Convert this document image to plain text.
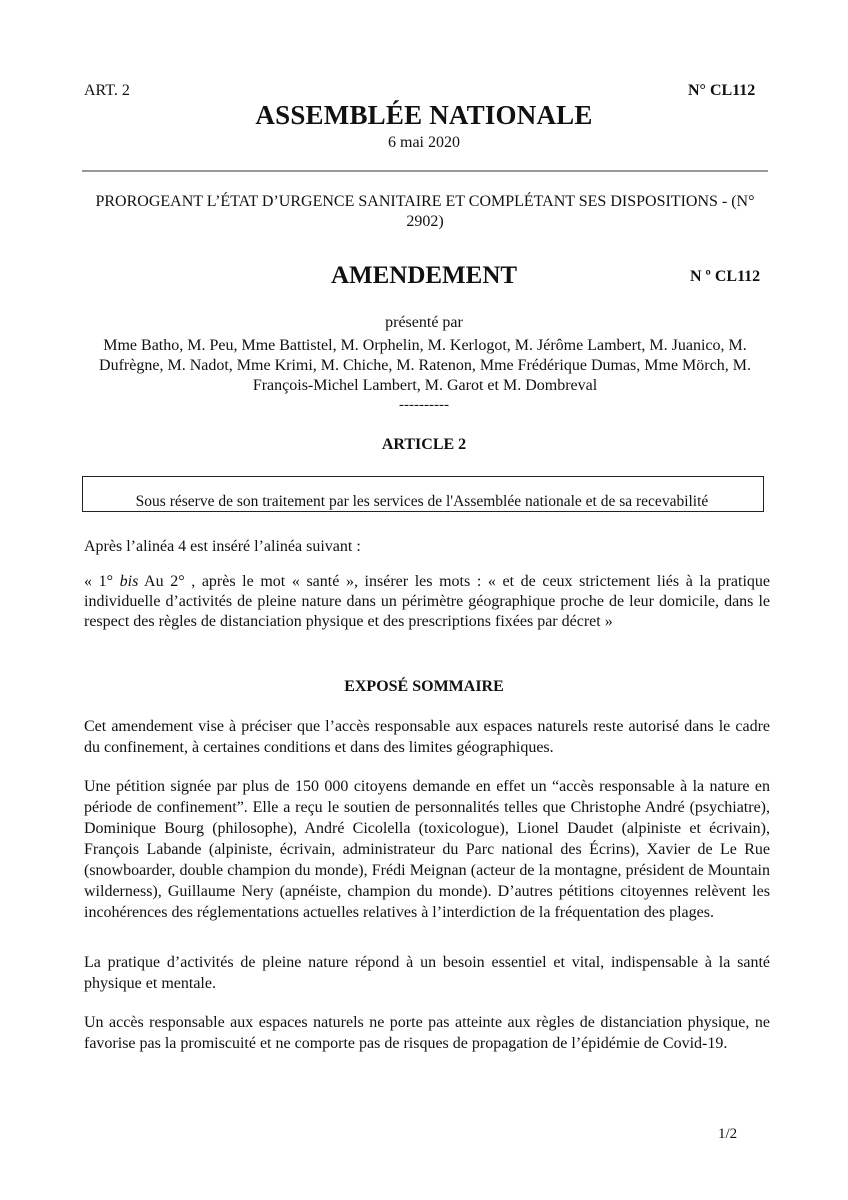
ART. 2	N° CL112
ASSEMBLÉE NATIONALE
6 mai 2020
PROROGEANT L’ÉTAT D’URGENCE SANITAIRE ET COMPLÉTANT SES DISPOSITIONS - (N° 2902)
AMENDEMENT	N º CL112
présenté par
Mme Batho, M. Peu, Mme Battistel, M. Orphelin, M. Kerlogot, M. Jérôme Lambert, M. Juanico, M. Dufrègne, M. Nadot, Mme Krimi, M. Chiche, M. Ratenon, Mme Frédérique Dumas, Mme Mörch, M. François-Michel Lambert, M. Garot et M. Dombreval
----------
ARTICLE 2
Sous réserve de son traitement par les services de l'Assemblée nationale et de sa recevabilité
Après l’alinéa 4 est inséré l’alinéa suivant :
« 1° bis Au 2° , après le mot « santé », insérer les mots : « et de ceux strictement liés à la pratique individuelle d’activités de pleine nature dans un périmètre géographique proche de leur domicile, dans le respect des règles de distanciation physique et des prescriptions fixées par décret »
EXPOSÉ SOMMAIRE
Cet amendement vise à préciser que l’accès responsable aux espaces naturels reste autorisé dans le cadre du confinement, à certaines conditions et dans des limites géographiques.
Une pétition signée par plus de 150 000 citoyens demande en effet un “accès responsable à la nature en période de confinement”. Elle a reçu le soutien de personnalités telles que Christophe André (psychiatre), Dominique Bourg (philosophe), André Cicolella (toxicologue), Lionel Daudet (alpiniste et écrivain), François Labande (alpiniste, écrivain, administrateur du Parc national des Écrins), Xavier de Le Rue (snowboarder, double champion du monde), Frédi Meignan (acteur de la montagne, président de Mountain wilderness), Guillaume Nery (apnéiste, champion du monde). D’autres pétitions citoyennes relèvent les incohérences des réglementations actuelles relatives à l’interdiction de la fréquentation des plages.
La pratique d’activités de pleine nature répond à un besoin essentiel et vital, indispensable à la santé physique et mentale.
Un accès responsable aux espaces naturels ne porte pas atteinte aux règles de distanciation physique, ne favorise pas la promiscuité et ne comporte pas de risques de propagation de l’épidémie de Covid-19.
1/2
